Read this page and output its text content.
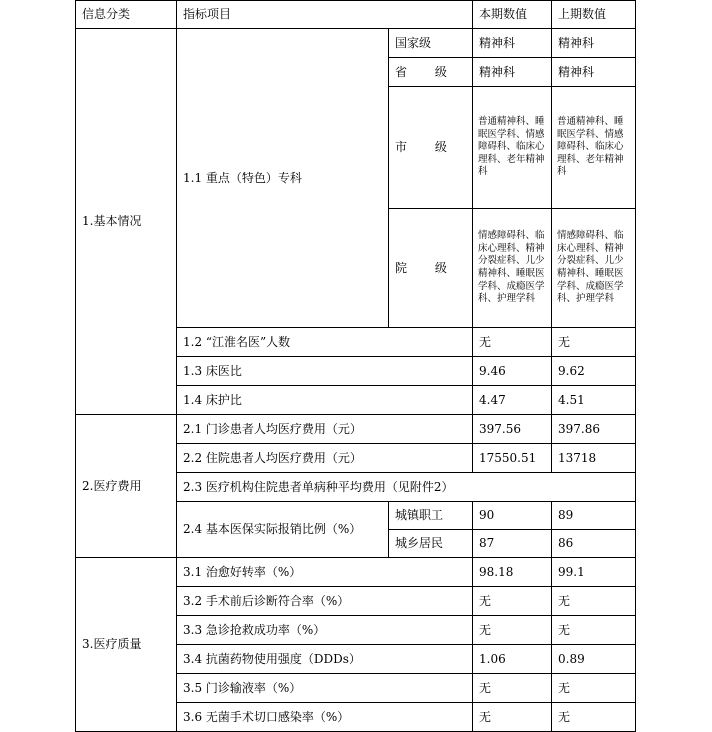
信息分类	指标项目		本期数值	上期数值
1.基本情况	1.1 重点（特色）专科	国家级	精神科	精神科
		省 级	精神科	精神科
		市 级	普通精神科、睡眠医学科、情感障碍科、临床心理科、老年精神科	普通精神科、睡眠医学科、情感障碍科、临床心理科、老年精神科
		院 级	情感障碍科、临床心理科、精神分裂症科、儿少精神科、睡眠医学科、成瘾医学科、护理学科	情感障碍科、临床心理科、精神分裂症科、儿少精神科、睡眠医学科、成瘾医学科、护理学科
	1.2 “江淮名医”人数		无	无
	1.3 床医比		9.46	9.62
	1.4 床护比		4.47	4.51
2.医疗费用	2.1 门诊患者人均医疗费用（元）		397.56	397.86
	2.2 住院患者人均医疗费用（元）		17550.51	13718
	2.3 医疗机构住院患者单病种平均费用（见附件2）			
	2.4 基本医保实际报销比例（%）	城镇职工	90	89
		城乡居民	87	86
3.医疗质量	3.1 治愈好转率（%）		98.18	99.1
	3.2 手术前后诊断符合率（%）		无	无
	3.3 急诊抢救成功率（%）		无	无
	3.4 抗菌药物使用强度（DDDs）		1.06	0.89
	3.5 门诊输液率（%）		无	无
	3.6 无菌手术切口感染率（%）		无	无
